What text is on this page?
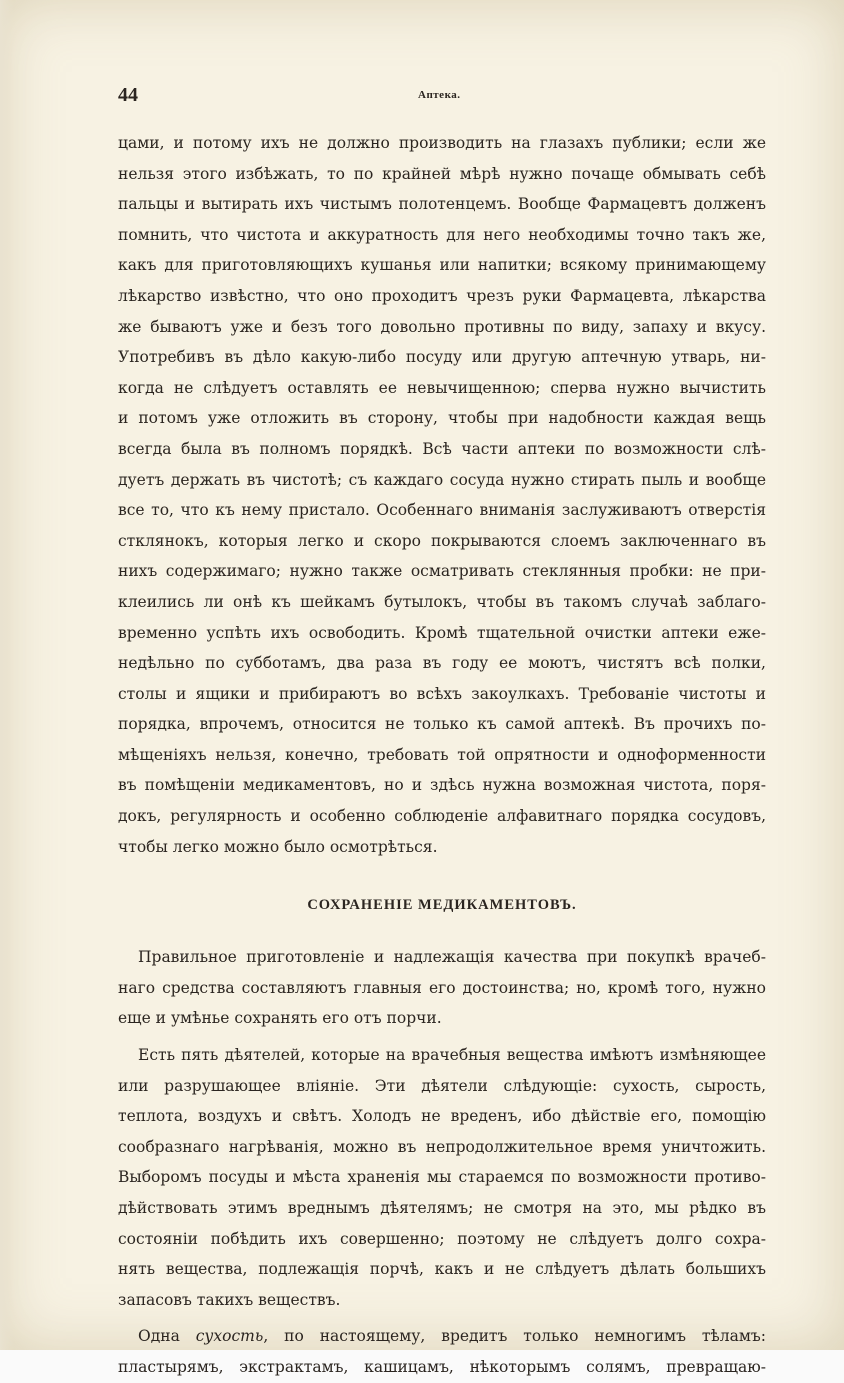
44	Аптека.
цами, и потому ихъ не должно производить на глазахъ публики; если же
нельзя этого избѣжать, то по крайней мѣрѣ нужно почаще обмывать себѣ
пальцы и вытирать ихъ чистымъ полотенцемъ. Вообще Фармацевтъ долженъ
помнить, что чистота и аккуратность для него необходимы точно такъ же,
какъ для приготовляющихъ кушанья или напитки; всякому принимающему
лѣкарство извѣстно, что оно проходитъ чрезъ руки Фармацевта, лѣкарства
же бываютъ уже и безъ того довольно противны по виду, запаху и вкусу.
Употребивъ въ дѣло какую-либо посуду или другую аптечную утварь, ни-
когда не слѣдуетъ оставлять ее невычищенною; сперва нужно вычистить
и потомъ уже отложить въ сторону, чтобы при надобности каждая вещь
всегда была въ полномъ порядкѣ. Всѣ части аптеки по возможности слѣ-
дуетъ держать въ чистотѣ; съ каждаго сосуда нужно стирать пыль и вообще
все то, что къ нему пристало. Особеннаго вниманія заслуживаютъ отверстія
стклянокъ, которыя легко и скоро покрываются слоемъ заключеннаго въ
нихъ содержимаго; нужно также осматривать стеклянныя пробки: не при-
клеились ли онѣ къ шейкамъ бутылокъ, чтобы въ такомъ случаѣ заблаго-
временно успѣть ихъ освободить. Кромѣ тщательной очистки аптеки еже-
недѣльно по субботамъ, два раза въ году ее моютъ, чистятъ всѣ полки,
столы и ящики и прибираютъ во всѣхъ закоулкахъ. Требованіе чистоты и
порядка, впрочемъ, относится не только къ самой аптекѣ. Въ прочихъ по-
мѣщеніяхъ нельзя, конечно, требовать той опрятности и одноформенности
въ помѣщеніи медикаментовъ, но и здѣсь нужна возможная чистота, поря-
докъ, регулярность и особенно соблюденіе алфавитнаго порядка сосудовъ,
чтобы легко можно было осмотрѣться.
СОХРАНЕНІЕ МЕДИКАМЕНТОВЪ.
Правильное приготовленіе и надлежащія качества при покупкѣ врачеб-
наго средства составляютъ главныя его достоинства; но, кромѣ того, нужно
еще и умѣнье сохранять его отъ порчи.
Есть пять дѣятелей, которые на врачебныя вещества имѣютъ измѣняющее
или разрушающее вліяніе. Эти дѣятели слѣдующіе: сухость, сырость,
теплота, воздухъ и свѣтъ. Холодъ не вреденъ, ибо дѣйствіе его, помощію
сообразнаго нагрѣванія, можно въ непродолжительное время уничтожить.
Выборомъ посуды и мѣста храненія мы стараемся по возможности противо-
дѣйствовать этимъ вреднымъ дѣятелямъ; не смотря на это, мы рѣдко въ
состояніи побѣдить ихъ совершенно; поэтому не слѣдуетъ долго сохра-
нять вещества, подлежащія порчѣ, какъ и не слѣдуетъ дѣлать большихъ
запасовъ такихъ веществъ.
Одна сухость, по настоящему, вредитъ только немногимъ тѣламъ:
пластырямъ, экстрактамъ, кашицамъ, нѣкоторымъ солямъ, превращаю-
